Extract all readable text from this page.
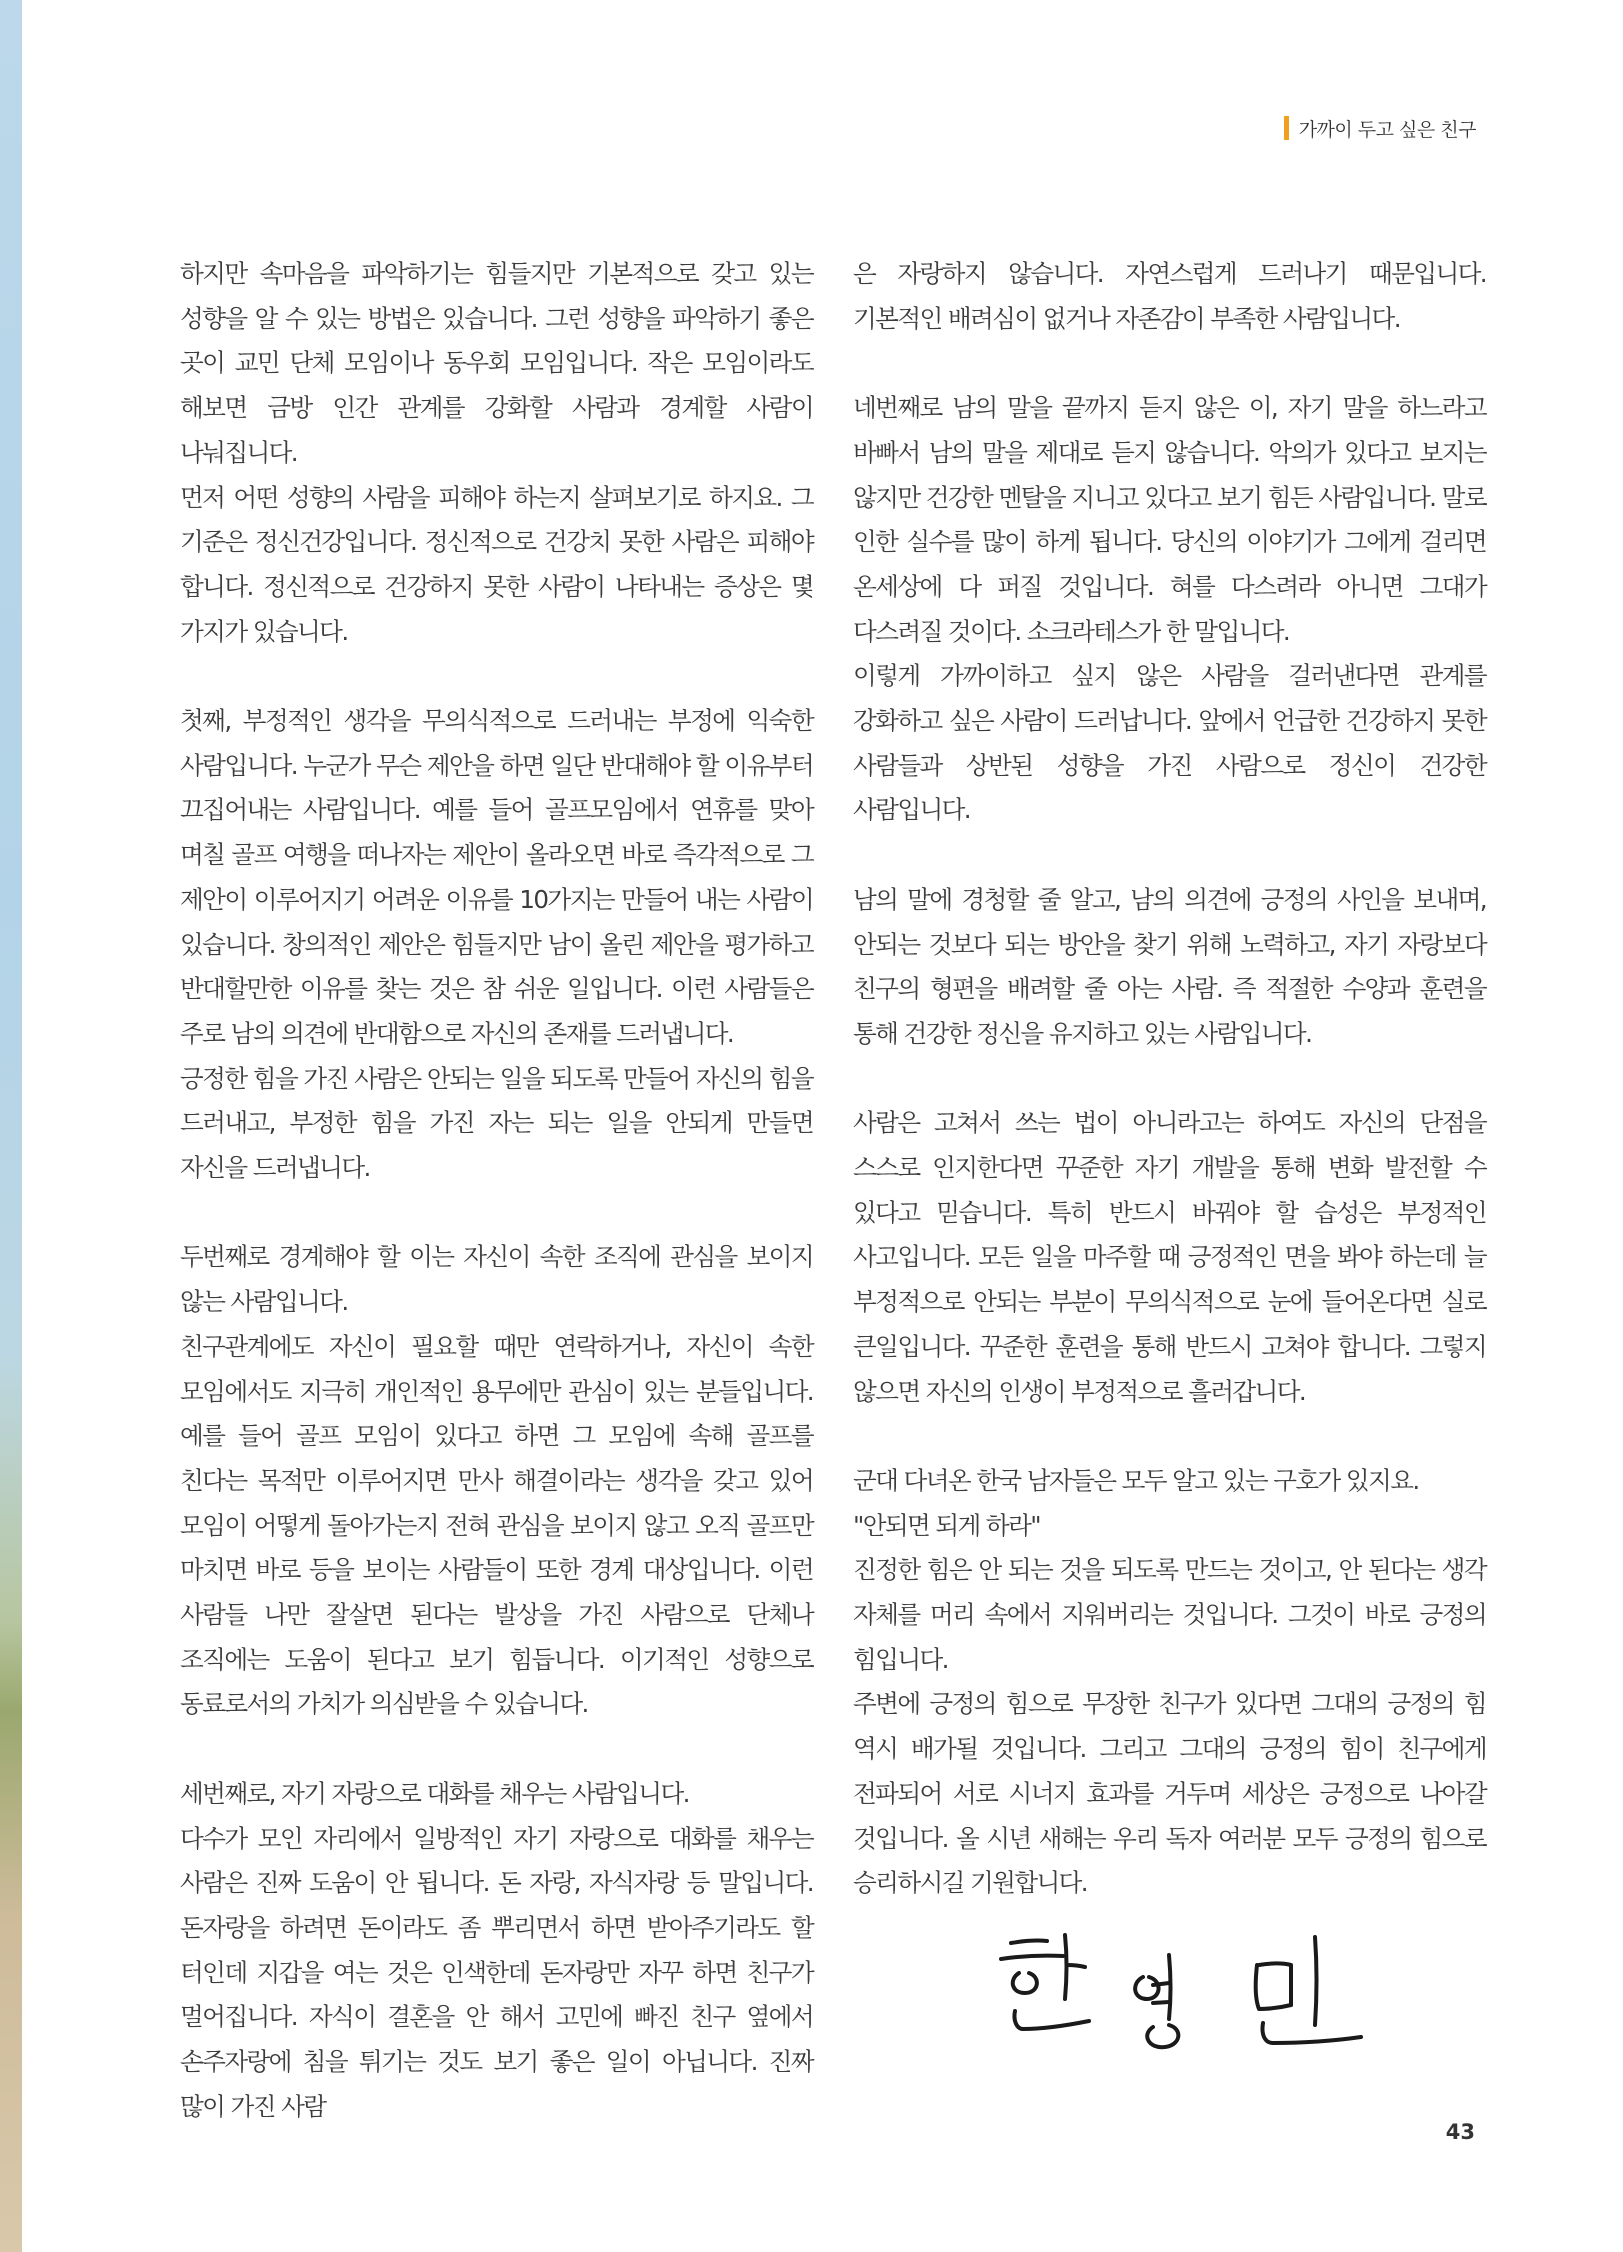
가까이 두고 싶은 친구

하지만 속마음을 파악하기는 힘들지만 기본적으로 갖고 있는 성향을 알 수 있는 방법은 있습니다. 그런 성향을 파악하기 좋은 곳이 교민 단체 모임이나 동우회 모임입니다. 작은 모임이라도 해보면 금방 인간 관계를 강화할 사람과 경계할 사람이 나눠집니다.

먼저 어떤 성향의 사람을 피해야 하는지 살펴보기로 하지요. 그 기준은 정신건강입니다. 정신적으로 건강치 못한 사람은 피해야 합니다. 정신적으로 건강하지 못한 사람이 나타내는 증상은 몇 가지가 있습니다.

첫째, 부정적인 생각을 무의식적으로 드러내는 부정에 익숙한 사람입니다. 누군가 무슨 제안을 하면 일단 반대해야 할 이유부터 끄집어내는 사람입니다. 예를 들어 골프모임에서 연휴를 맞아 며칠 골프 여행을 떠나자는 제안이 올라오면 바로 즉각적으로 그 제안이 이루어지기 어려운 이유를 10가지는 만들어 내는 사람이 있습니다. 창의적인 제안은 힘들지만 남이 올린 제안을 평가하고 반대할만한 이유를 찾는 것은 참 쉬운 일입니다. 이런 사람들은 주로 남의 의견에 반대함으로 자신의 존재를 드러냅니다.

긍정한 힘을 가진 사람은 안되는 일을 되도록 만들어 자신의 힘을 드러내고, 부정한 힘을 가진 자는 되는 일을 안되게 만들면 자신을 드러냅니다.

두번째로 경계해야 할 이는 자신이 속한 조직에 관심을 보이지 않는 사람입니다.

친구관계에도 자신이 필요할 때만 연락하거나, 자신이 속한 모임에서도 지극히 개인적인 용무에만 관심이 있는 분들입니다. 예를 들어 골프 모임이 있다고 하면 그 모임에 속해 골프를 친다는 목적만 이루어지면 만사 해결이라는 생각을 갖고 있어 모임이 어떻게 돌아가는지 전혀 관심을 보이지 않고 오직 골프만 마치면 바로 등을 보이는 사람들이 또한 경계 대상입니다. 이런 사람들 나만 잘살면 된다는 발상을 가진 사람으로 단체나 조직에는 도움이 된다고 보기 힘듭니다. 이기적인 성향으로 동료로서의 가치가 의심받을 수 있습니다.

세번째로, 자기 자랑으로 대화를 채우는 사람입니다.

다수가 모인 자리에서 일방적인 자기 자랑으로 대화를 채우는 사람은 진짜 도움이 안 됩니다. 돈 자랑, 자식자랑 등 말입니다. 돈자랑을 하려면 돈이라도 좀 뿌리면서 하면 받아주기라도 할 터인데 지갑을 여는 것은 인색한데 돈자랑만 자꾸 하면 친구가 멀어집니다. 자식이 결혼을 안 해서 고민에 빠진 친구 옆에서 손주자랑에 침을 튀기는 것도 보기 좋은 일이 아닙니다. 진짜 많이 가진 사람

은 자랑하지 않습니다. 자연스럽게 드러나기 때문입니다. 기본적인 배려심이 없거나 자존감이 부족한 사람입니다.

네번째로 남의 말을 끝까지 듣지 않은 이, 자기 말을 하느라고 바빠서 남의 말을 제대로 듣지 않습니다. 악의가 있다고 보지는 않지만 건강한 멘탈을 지니고 있다고 보기 힘든 사람입니다. 말로 인한 실수를 많이 하게 됩니다. 당신의 이야기가 그에게 걸리면 온세상에 다 퍼질 것입니다. 혀를 다스려라 아니면 그대가 다스려질 것이다. 소크라테스가 한 말입니다.

이렇게 가까이하고 싶지 않은 사람을 걸러낸다면 관계를 강화하고 싶은 사람이 드러납니다. 앞에서 언급한 건강하지 못한 사람들과 상반된 성향을 가진 사람으로 정신이 건강한 사람입니다.

남의 말에 경청할 줄 알고, 남의 의견에 긍정의 사인을 보내며, 안되는 것보다 되는 방안을 찾기 위해 노력하고, 자기 자랑보다 친구의 형편을 배려할 줄 아는 사람. 즉 적절한 수양과 훈련을 통해 건강한 정신을 유지하고 있는 사람입니다.

사람은 고쳐서 쓰는 법이 아니라고는 하여도 자신의 단점을 스스로 인지한다면 꾸준한 자기 개발을 통해 변화 발전할 수 있다고 믿습니다. 특히 반드시 바꿔야 할 습성은 부정적인 사고입니다. 모든 일을 마주할 때 긍정적인 면을 봐야 하는데 늘 부정적으로 안되는 부분이 무의식적으로 눈에 들어온다면 실로 큰일입니다. 꾸준한 훈련을 통해 반드시 고쳐야 합니다. 그렇지 않으면 자신의 인생이 부정적으로 흘러갑니다.

군대 다녀온 한국 남자들은 모두 알고 있는 구호가 있지요.

"안되면 되게 하라"

진정한 힘은 안 되는 것을 되도록 만드는 것이고, 안 된다는 생각 자체를 머리 속에서 지워버리는 것입니다. 그것이 바로 긍정의 힘입니다.

주변에 긍정의 힘으로 무장한 친구가 있다면 그대의 긍정의 힘 역시 배가될 것입니다. 그리고 그대의 긍정의 힘이 친구에게 전파되어 서로 시너지 효과를 거두며 세상은 긍정으로 나아갈 것입니다. 올 시년 새해는 우리 독자 여러분 모두 긍정의 힘으로 승리하시길 기원합니다.

43
